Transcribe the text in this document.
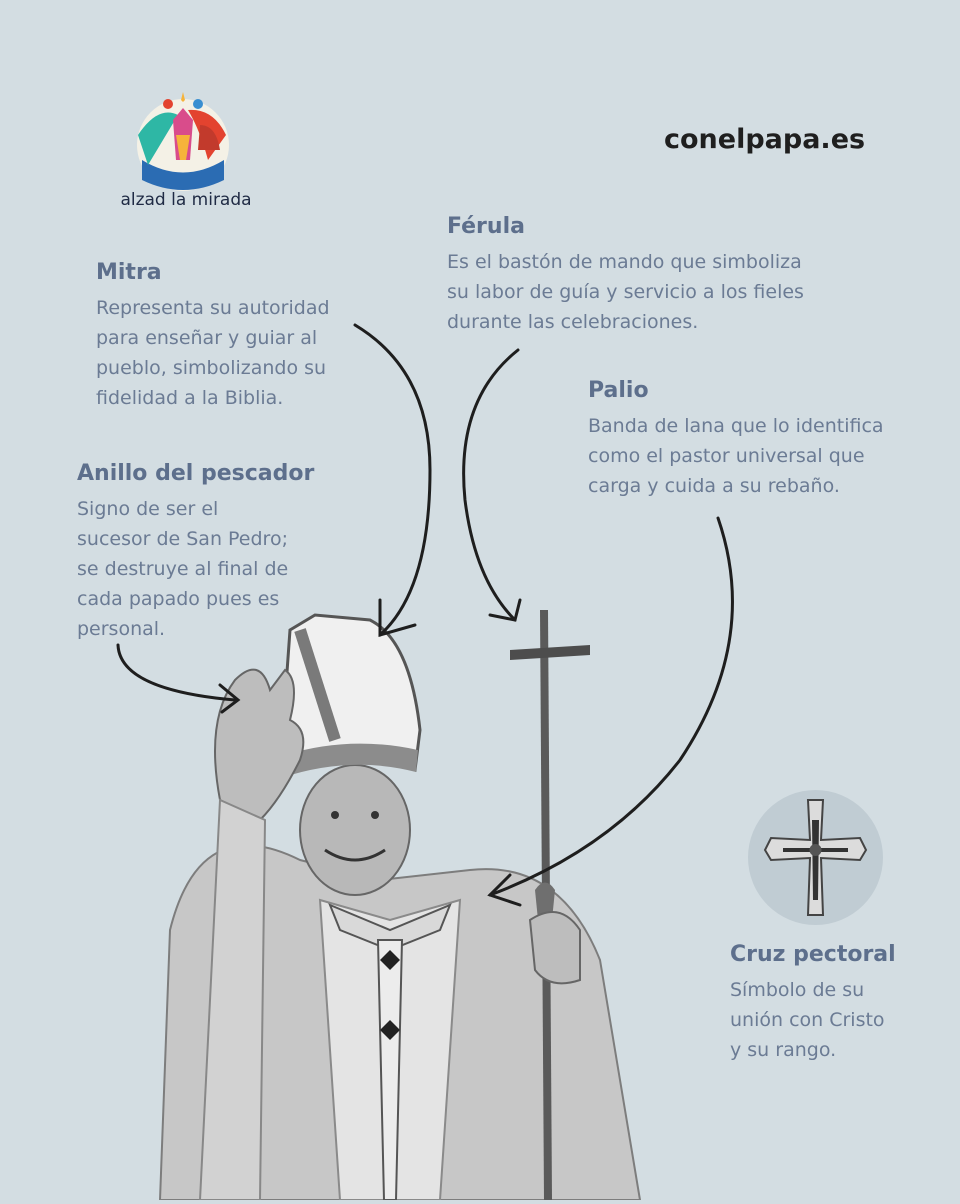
alzad la mirada
conelpapa.es
Mitra
Representa su autoridad
para enseñar y guiar al
pueblo, simbolizando su
fidelidad a la Biblia.
Férula
Es el bastón de mando que simboliza
su labor de guía y servicio a los fieles
durante las celebraciones.
Palio
Banda de lana que lo identifica
como el pastor universal que
carga y cuida a su rebaño.
Anillo del pescador
Signo de ser el
sucesor de San Pedro;
se destruye al final de
cada papado pues es
personal.
Cruz pectoral
Símbolo de su
unión con Cristo
y su rango.
